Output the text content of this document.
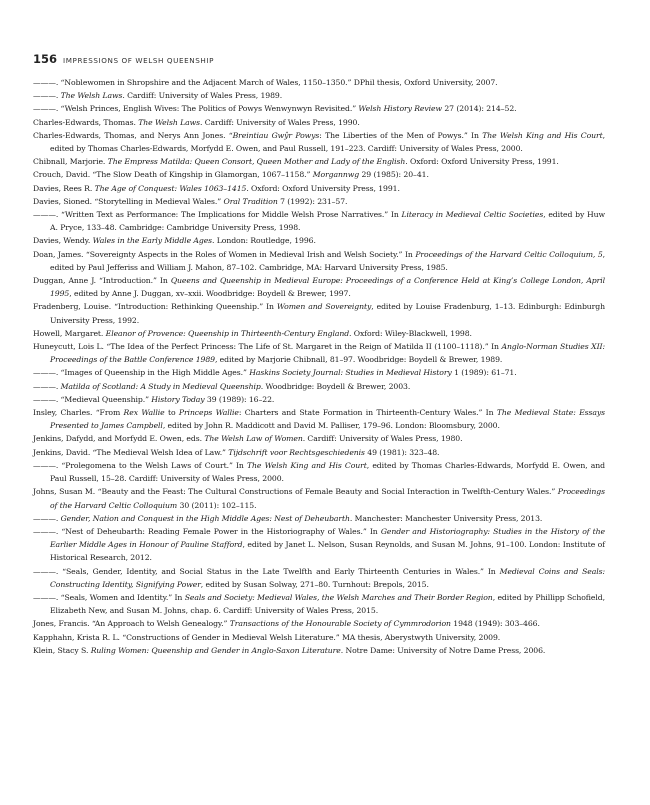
156 IMPRESSIONS OF WELSH QUEENSHIP
———. “Noblewomen in Shropshire and the Adjacent March of Wales, 1150–1350.” DPhil thesis, Oxford University, 2007.
———. The Welsh Laws. Cardiff: University of Wales Press, 1989.
———. “Welsh Princes, English Wives: The Politics of Powys Wenwynwyn Revisited.” Welsh History Review 27 (2014): 214–52.
Charles-Edwards, Thomas. The Welsh Laws. Cardiff: University of Wales Press, 1990.
Charles-Edwards, Thomas, and Nerys Ann Jones. “Breintiau Gwŷr Powys: The Liberties of the Men of Powys.” In The Welsh King and His Court, edited by Thomas Charles-Edwards, Morfydd E. Owen, and Paul Russell, 191–223. Cardiff: University of Wales Press, 2000.
Chibnall, Marjorie. The Empress Matilda: Queen Consort, Queen Mother and Lady of the English. Oxford: Oxford University Press, 1991.
Crouch, David. “The Slow Death of Kingship in Glamorgan, 1067–1158.” Morgannwg 29 (1985): 20–41.
Davies, Rees R. The Age of Conquest: Wales 1063–1415. Oxford: Oxford University Press, 1991.
Davies, Sioned. “Storytelling in Medieval Wales.” Oral Tradition 7 (1992): 231–57.
———. “Written Text as Performance: The Implications for Middle Welsh Prose Narratives.” In Literacy in Medieval Celtic Societies, edited by Huw A. Pryce, 133–48. Cambridge: Cambridge University Press, 1998.
Davies, Wendy. Wales in the Early Middle Ages. London: Routledge, 1996.
Doan, James. “Sovereignty Aspects in the Roles of Women in Medieval Irish and Welsh Society.” In Proceedings of the Harvard Celtic Colloquium, 5, edited by Paul Jefferiss and William J. Mahon, 87–102. Cambridge, MA: Harvard University Press, 1985.
Duggan, Anne J. “Introduction.” In Queens and Queenship in Medieval Europe: Proceedings of a Conference Held at King’s College London, April 1995, edited by Anne J. Duggan, xv–xxii. Woodbridge: Boydell & Brewer, 1997.
Fradenberg, Louise. “Introduction: Rethinking Queenship.” In Women and Sovereignty, edited by Louise Fradenburg, 1–13. Edinburgh: Edinburgh University Press, 1992.
Howell, Margaret. Eleanor of Provence: Queenship in Thirteenth-Century England. Oxford: Wiley-Blackwell, 1998.
Huneycutt, Lois L. “The Idea of the Perfect Princess: The Life of St. Margaret in the Reign of Matilda II (1100–1118).” In Anglo-Norman Studies XII: Proceedings of the Battle Conference 1989, edited by Marjorie Chibnall, 81–97. Woodbridge: Boydell & Brewer, 1989.
———. “Images of Queenship in the High Middle Ages.” Haskins Society Journal: Studies in Medieval History 1 (1989): 61–71.
———. Matilda of Scotland: A Study in Medieval Queenship. Woodbridge: Boydell & Brewer, 2003.
———. “Medieval Queenship.” History Today 39 (1989): 16–22.
Insley, Charles. “From Rex Wallie to Princeps Wallie: Charters and State Formation in Thirteenth-Century Wales.” In The Medieval State: Essays Presented to James Campbell, edited by John R. Maddicott and David M. Palliser, 179–96. London: Bloomsbury, 2000.
Jenkins, Dafydd, and Morfydd E. Owen, eds. The Welsh Law of Women. Cardiff: University of Wales Press, 1980.
Jenkins, David. “The Medieval Welsh Idea of Law.” Tijdschrift voor Rechtsgeschiedenis 49 (1981): 323–48.
———. “Prolegomena to the Welsh Laws of Court.” In The Welsh King and His Court, edited by Thomas Charles-Edwards, Morfydd E. Owen, and Paul Russell, 15–28. Cardiff: University of Wales Press, 2000.
Johns, Susan M. “Beauty and the Feast: The Cultural Constructions of Female Beauty and Social Interaction in Twelfth-Century Wales.” Proceedings of the Harvard Celtic Colloquium 30 (2011): 102–115.
———. Gender, Nation and Conquest in the High Middle Ages: Nest of Deheubarth. Manchester: Manchester University Press, 2013.
———. “Nest of Deheubarth: Reading Female Power in the Historiography of Wales.” In Gender and Historiography: Studies in the History of the Earlier Middle Ages in Honour of Pauline Stafford, edited by Janet L. Nelson, Susan Reynolds, and Susan M. Johns, 91–100. London: Institute of Historical Research, 2012.
———. “Seals, Gender, Identity, and Social Status in the Late Twelfth and Early Thirteenth Centuries in Wales.” In Medieval Coins and Seals: Constructing Identity, Signifying Power, edited by Susan Solway, 271–80. Turnhout: Brepols, 2015.
———. “Seals, Women and Identity.” In Seals and Society: Medieval Wales, the Welsh Marches and Their Border Region, edited by Phillipp Schofield, Elizabeth New, and Susan M. Johns, chap. 6. Cardiff: University of Wales Press, 2015.
Jones, Francis. “An Approach to Welsh Genealogy.” Transactions of the Honourable Society of Cymmrodorion 1948 (1949): 303–466.
Kapphahn, Krista R. L. “Constructions of Gender in Medieval Welsh Literature.” MA thesis, Aberystwyth University, 2009.
Klein, Stacy S. Ruling Women: Queenship and Gender in Anglo-Saxon Literature. Notre Dame: University of Notre Dame Press, 2006.
